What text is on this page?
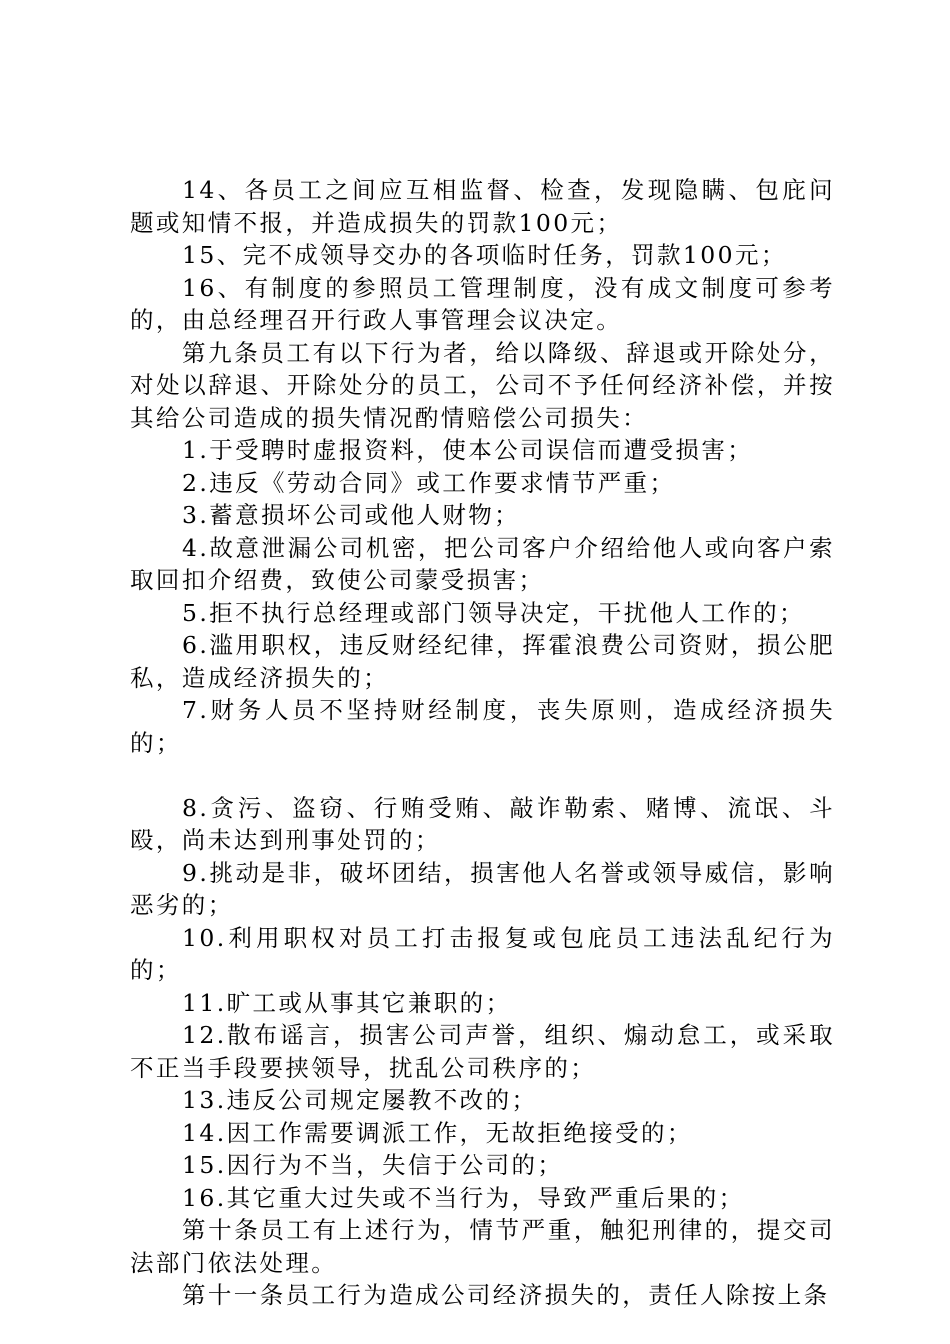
14、各员工之间应互相监督、检查，发现隐瞒、包庇问题或知情不报，并造成损失的罚款100元；

15、完不成领导交办的各项临时任务，罚款100元；

16、有制度的参照员工管理制度，没有成文制度可参考的，由总经理召开行政人事管理会议决定。

第九条员工有以下行为者，给以降级、辞退或开除处分，对处以辞退、开除处分的员工，公司不予任何经济补偿，并按其给公司造成的损失情况酌情赔偿公司损失：

1.于受聘时虚报资料，使本公司误信而遭受损害；

2.违反《劳动合同》或工作要求情节严重；

3.蓄意损坏公司或他人财物；

4.故意泄漏公司机密，把公司客户介绍给他人或向客户索取回扣介绍费，致使公司蒙受损害；

5.拒不执行总经理或部门领导决定，干扰他人工作的；

6.滥用职权，违反财经纪律，挥霍浪费公司资财，损公肥私，造成经济损失的；

7.财务人员不坚持财经制度，丧失原则，造成经济损失的；

8.贪污、盗窃、行贿受贿、敲诈勒索、赌博、流氓、斗殴，尚未达到刑事处罚的；

9.挑动是非，破坏团结，损害他人名誉或领导威信，影响恶劣的；

10.利用职权对员工打击报复或包庇员工违法乱纪行为的；

11.旷工或从事其它兼职的；

12.散布谣言，损害公司声誉，组织、煽动怠工，或采取不正当手段要挟领导，扰乱公司秩序的；

13.违反公司规定屡教不改的；

14.因工作需要调派工作，无故拒绝接受的；

15.因行为不当，失信于公司的；

16.其它重大过失或不当行为，导致严重后果的；

第十条员工有上述行为，情节严重，触犯刑律的，提交司法部门依法处理。

第十一条员工行为造成公司经济损失的，责任人除按上条
